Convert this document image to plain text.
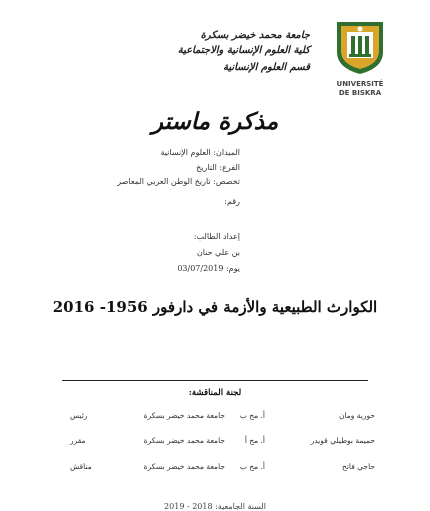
UNIVERSITÉ
DE BISKRA
جامعة محمد خيضر بسكرة
كلية العلوم الإنسانية والاجتماعية
قسم العلوم الإنسانية
مذكرة ماستر
الميدان: العلوم الإنسانية
الفرع: التاريخ
تخصص: تاريخ الوطن العربي المعاصر
رقم:
إعداد الطالب:
بن علي حنان
يوم: 03/07/2019
الكوارث الطبيعية والأزمة في دارفور 1956- 2016
لجنة المناقشة:
حورية ومان
أ. مح ب
جامعة محمد خيضر بسكرة
رئيس
حميمة بوطيلي قويدر
أ. مح أ
جامعة محمد خيضر بسكرة
مقرر
حاجي فاتح
أ. مح ب
جامعة محمد خيضر بسكرة
مناقش
السنة الجامعية: 2018 - 2019
